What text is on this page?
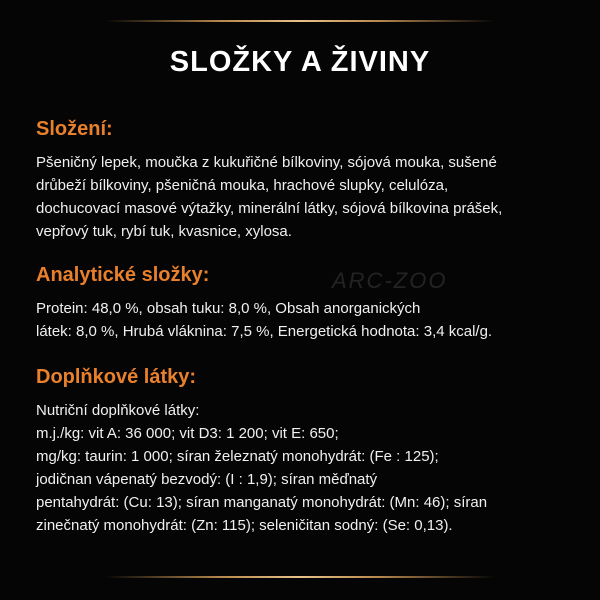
SLOŽKY A ŽIVINY
Složení:

Pšeničný lepek, moučka z kukuřičné bílkoviny, sójová mouka, sušené
drůbeží bílkoviny, pšeničná mouka, hrachové slupky, celulóza,
dochucovací masové výtažky, minerální látky, sójová bílkovina prášek,
vepřový tuk, rybí tuk, kvasnice, xylosa.

Analytické složky:

Protein: 48,0 %, obsah tuku: 8,0 %, Obsah anorganických
látek: 8,0 %, Hrubá vláknina: 7,5 %, Energetická hodnota: 3,4 kcal/g.

Doplňkové látky:

Nutriční doplňkové látky:
m.j./kg: vit A: 36 000; vit D3: 1 200; vit E: 650;
mg/kg: taurin: 1 000; síran železnatý monohydrát: (Fe : 125);
jodičnan vápenatý bezvodý: (I : 1,9); síran měďnatý
pentahydrát: (Cu: 13); síran manganatý monohydrát: (Mn: 46); síran
zinečnatý monohydrát: (Zn: 115); seleničitan sodný: (Se: 0,13).

ARC-ZOO
